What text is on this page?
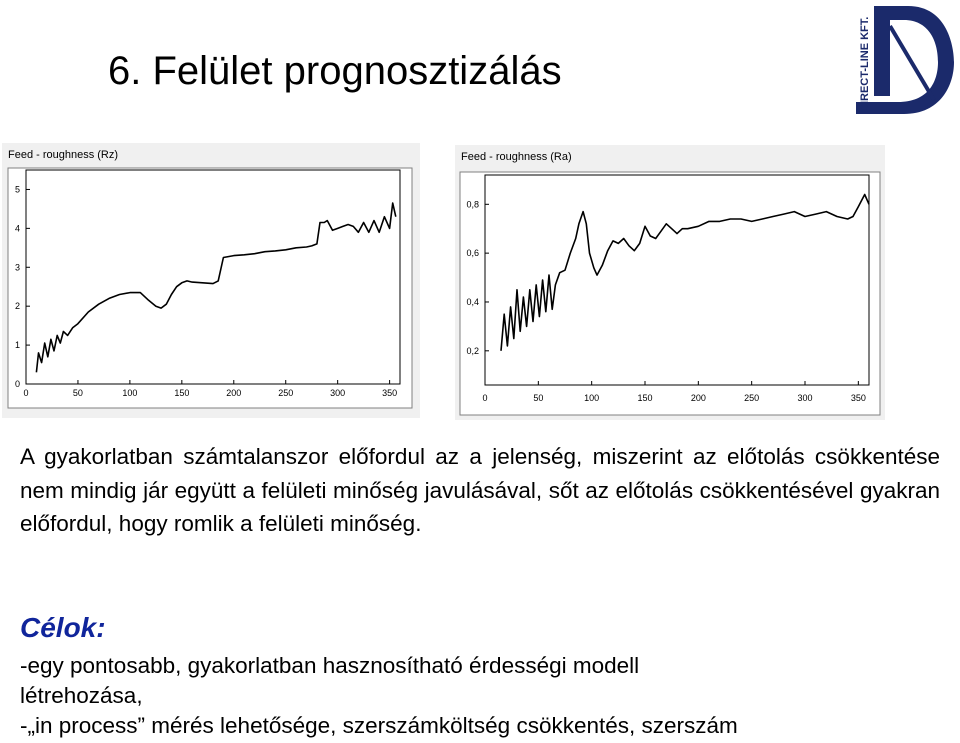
6. Felület prognosztizálás	DIRECT-LINE KFT.
Feed - roughness (Rz)
0	50	100	150	200	250	300	350
0
1
2
3
4
5
Feed - roughness (Ra)
0	50	100	150	200	250	300	350
0,2
0,4
0,6
0,8

A gyakorlatban számtalanszor előfordul az a jelenség, miszerint az előtolás csökkentése nem mindig jár együtt a felületi minőség javulásával, sőt az előtolás csökkentésével gyakran előfordul, hogy romlik a felületi minőség.

Célok:

-egy pontosabb, gyakorlatban hasznosítható érdességi modell

létrehozása,

-„in process” mérés lehetősége, szerszámköltség csökkentés, szerszám
